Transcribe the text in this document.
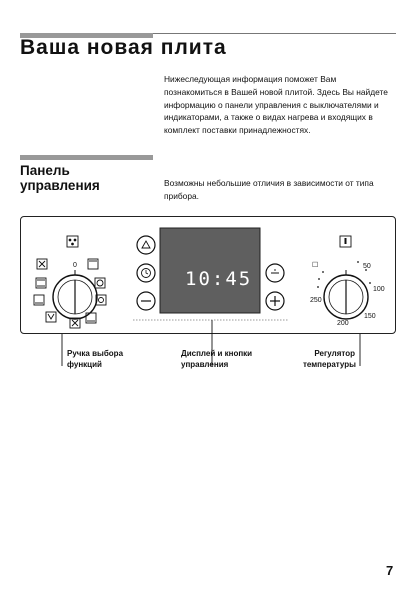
Ваша новая плита
Нижеследующая информация поможет Вам познакомиться в Вашей новой плитой. Здесь Вы найдете информацию о панели управления с выключателями и индикаторами, а также о видах нагрева и входящих в комплект поставки принадлежностях.
Панель управления	Возможны небольшие отличия в зависимости от типа прибора.
0
10:45
☐	50
100
150
200
250
Ручка выбора
функций
Дисплей и кнопки
управления
Регулятор
температуры
7
